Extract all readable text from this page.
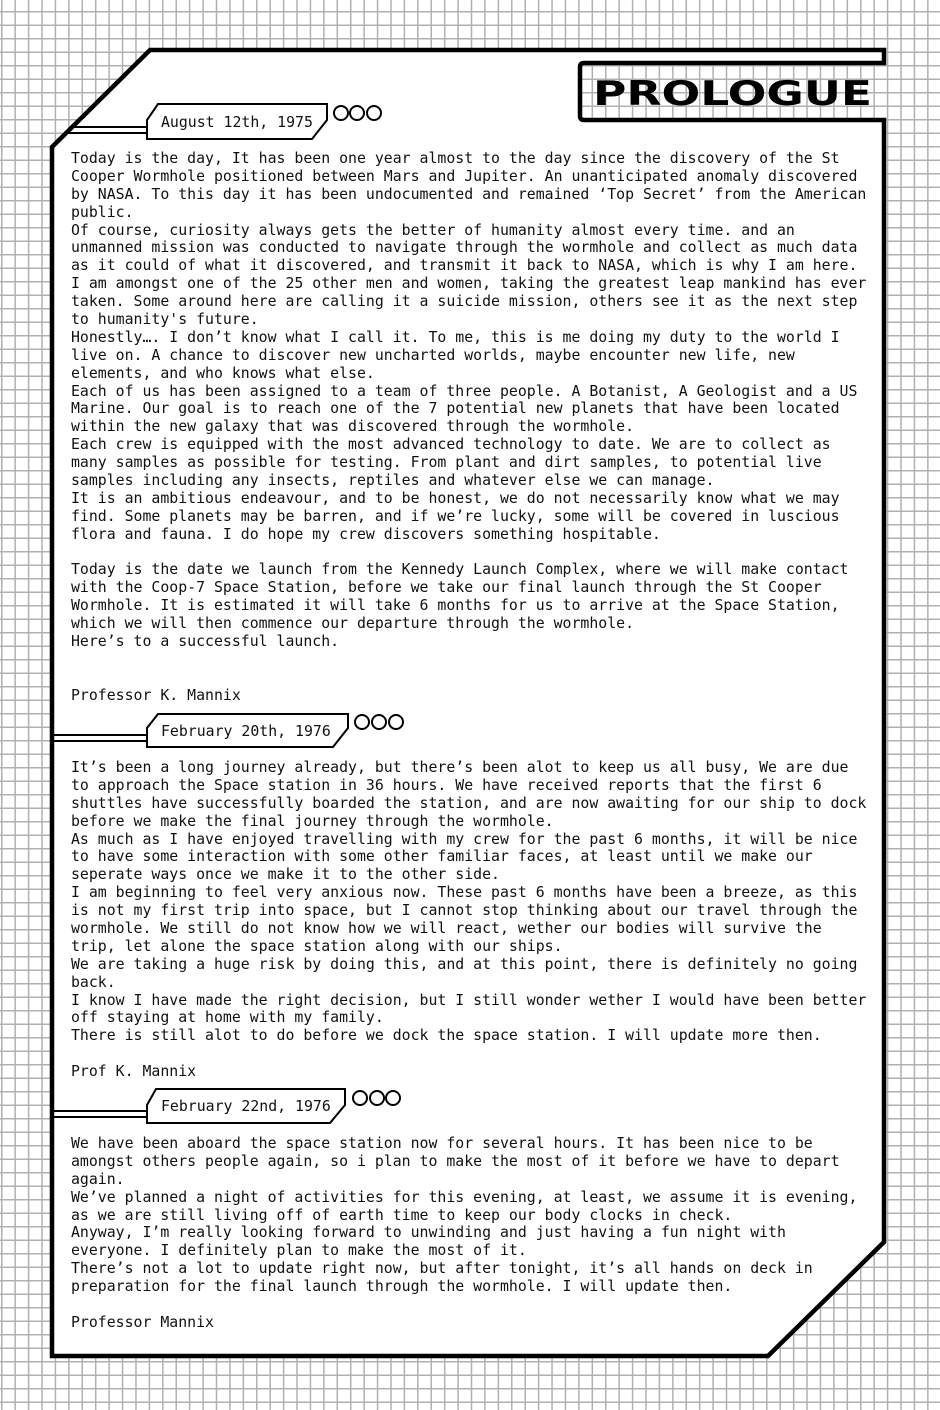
PROLOGUE
August 12th, 1975
February 20th, 1976
February 22nd, 1976
Today is the day, It has been one year almost to the day since the discovery of the St
Cooper Wormhole positioned between Mars and Jupiter. An unanticipated anomaly discovered
by NASA. To this day it has been undocumented and remained ‘Top Secret’ from the American
public.
Of course, curiosity always gets the better of humanity almost every time. and an
unmanned mission was conducted to navigate through the wormhole and collect as much data
as it could of what it discovered, and transmit it back to NASA, which is why I am here.
I am amongst one of the 25 other men and women, taking the greatest leap mankind has ever
taken. Some around here are calling it a suicide mission, others see it as the next step
to humanity's future.
Honestly…. I don’t know what I call it. To me, this is me doing my duty to the world I
live on. A chance to discover new uncharted worlds, maybe encounter new life, new
elements, and who knows what else.
Each of us has been assigned to a team of three people. A Botanist, A Geologist and a US
Marine. Our goal is to reach one of the 7 potential new planets that have been located
within the new galaxy that was discovered through the wormhole.
Each crew is equipped with the most advanced technology to date. We are to collect as
many samples as possible for testing. From plant and dirt samples, to potential live
samples including any insects, reptiles and whatever else we can manage.
It is an ambitious endeavour, and to be honest, we do not necessarily know what we may
find. Some planets may be barren, and if we’re lucky, some will be covered in luscious
flora and fauna. I do hope my crew discovers something hospitable.
Today is the date we launch from the Kennedy Launch Complex, where we will make contact
with the Coop-7 Space Station, before we take our final launch through the St Cooper
Wormhole. It is estimated it will take 6 months for us to arrive at the Space Station,
which we will then commence our departure through the wormhole.
Here’s to a successful launch.
Professor K. Mannix
It’s been a long journey already, but there’s been alot to keep us all busy, We are due
to approach the Space station in 36 hours. We have received reports that the first 6
shuttles have successfully boarded the station, and are now awaiting for our ship to dock
before we make the final journey through the wormhole.
As much as I have enjoyed travelling with my crew for the past 6 months, it will be nice
to have some interaction with some other familiar faces, at least until we make our
seperate ways once we make it to the other side.
I am beginning to feel very anxious now. These past 6 months have been a breeze, as this
is not my first trip into space, but I cannot stop thinking about our travel through the
wormhole. We still do not know how we will react, wether our bodies will survive the
trip, let alone the space station along with our ships.
We are taking a huge risk by doing this, and at this point, there is definitely no going
back.
I know I have made the right decision, but I still wonder wether I would have been better
off staying at home with my family.
There is still alot to do before we dock the space station. I will update more then.
Prof K. Mannix
We have been aboard the space station now for several hours. It has been nice to be
amongst others people again, so i plan to make the most of it before we have to depart
again.
We’ve planned a night of activities for this evening, at least, we assume it is evening,
as we are still living off of earth time to keep our body clocks in check.
Anyway, I’m really looking forward to unwinding and just having a fun night with
everyone. I definitely plan to make the most of it.
There’s not a lot to update right now, but after tonight, it’s all hands on deck in
preparation for the final launch through the wormhole. I will update then.
Professor Mannix
